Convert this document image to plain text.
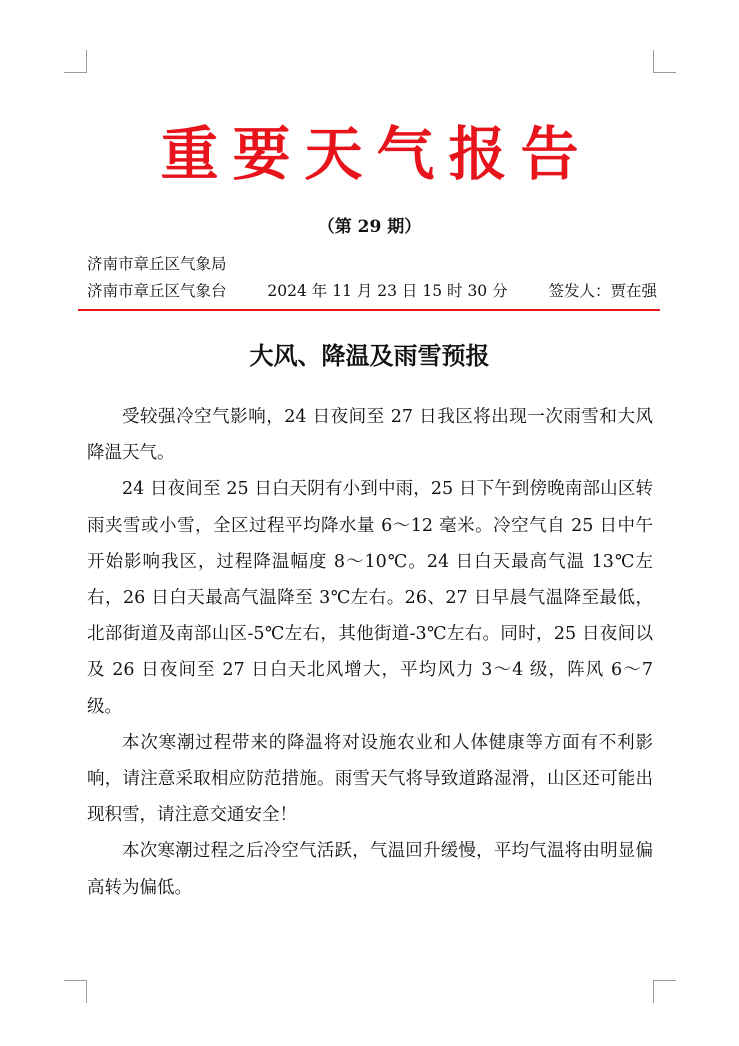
重要天气报告
（第 29 期）
济南市章丘区气象局
济南市章丘区气象台	2024 年 11 月 23 日 15 时 30 分	签发人：贾在强
大风、降温及雨雪预报

受较强冷空气影响，24 日夜间至 27 日我区将出现一次雨雪和大风降温天气。

24 日夜间至 25 日白天阴有小到中雨，25 日下午到傍晚南部山区转雨夹雪或小雪，全区过程平均降水量 6～12 毫米。冷空气自 25 日中午开始影响我区，过程降温幅度 8～10℃。24 日白天最高气温 13℃左右，26 日白天最高气温降至 3℃左右。26、27 日早晨气温降至最低，北部街道及南部山区-5℃左右，其他街道-3℃左右。同时，25 日夜间以及 26 日夜间至 27 日白天北风增大，平均风力 3～4 级，阵风 6～7 级。

本次寒潮过程带来的降温将对设施农业和人体健康等方面有不利影响，请注意采取相应防范措施。雨雪天气将导致道路湿滑，山区还可能出现积雪，请注意交通安全！

本次寒潮过程之后冷空气活跃，气温回升缓慢，平均气温将由明显偏高转为偏低。
